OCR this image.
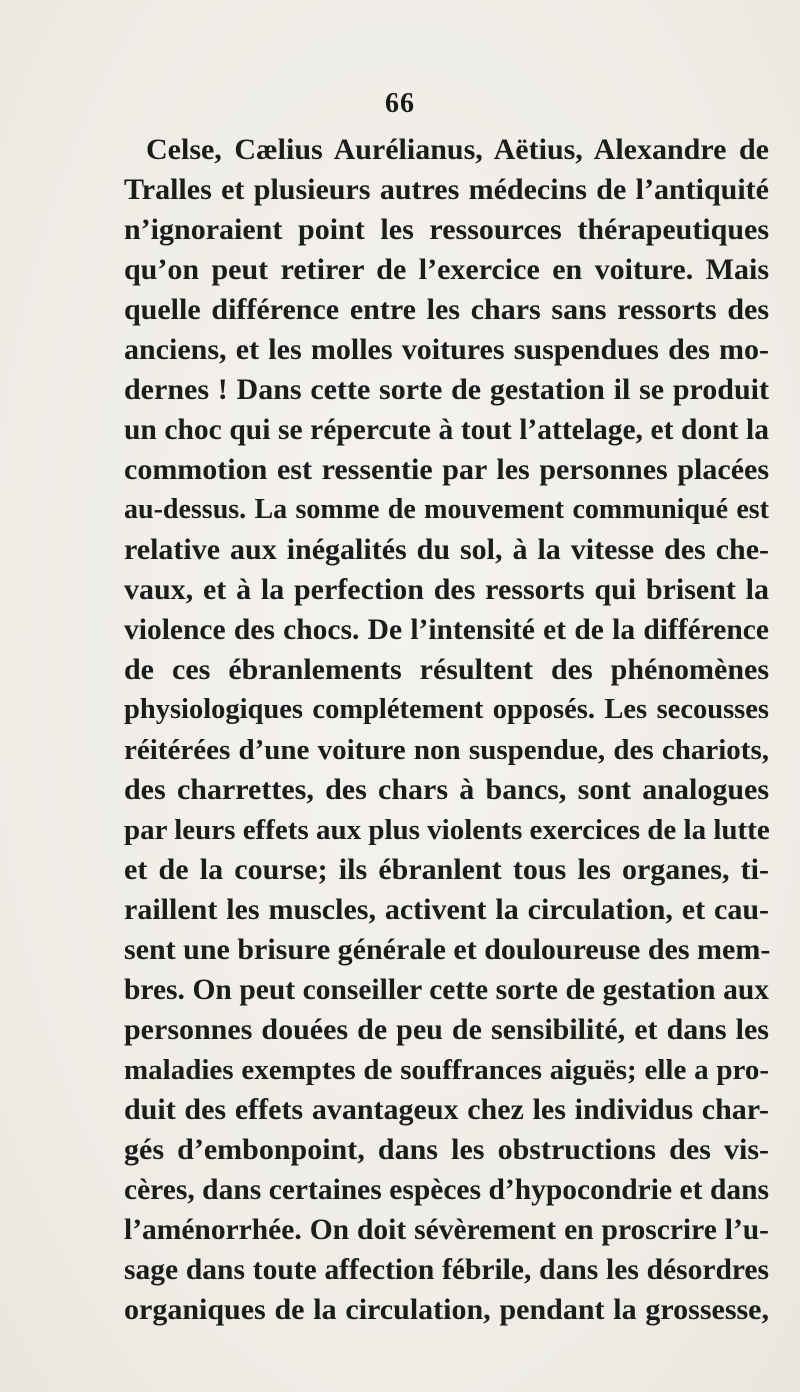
66
Celse, Cælius Aurélianus, Aëtius, Alexandre de
Tralles et plusieurs autres médecins de l’antiquité
n’ignoraient point les ressources thérapeutiques
qu’on peut retirer de l’exercice en voiture. Mais
quelle différence entre les chars sans ressorts des
anciens, et les molles voitures suspendues des mo-
dernes ! Dans cette sorte de gestation il se produit
un choc qui se répercute à tout l’attelage, et dont la
commotion est ressentie par les personnes placées
au-dessus. La somme de mouvement communiqué est
relative aux inégalités du sol, à la vitesse des che-
vaux, et à la perfection des ressorts qui brisent la
violence des chocs. De l’intensité et de la différence
de ces ébranlements résultent des phénomènes
physiologiques complétement opposés. Les secousses
réitérées d’une voiture non suspendue, des chariots,
des charrettes, des chars à bancs, sont analogues
par leurs effets aux plus violents exercices de la lutte
et de la course; ils ébranlent tous les organes, ti-
raillent les muscles, activent la circulation, et cau-
sent une brisure générale et douloureuse des mem-
bres. On peut conseiller cette sorte de gestation aux
personnes douées de peu de sensibilité, et dans les
maladies exemptes de souffrances aiguës; elle a pro-
duit des effets avantageux chez les individus char-
gés d’embonpoint, dans les obstructions des vis-
cères, dans certaines espèces d’hypocondrie et dans
l’aménorrhée. On doit sévèrement en proscrire l’u-
sage dans toute affection fébrile, dans les désordres
organiques de la circulation, pendant la grossesse,
